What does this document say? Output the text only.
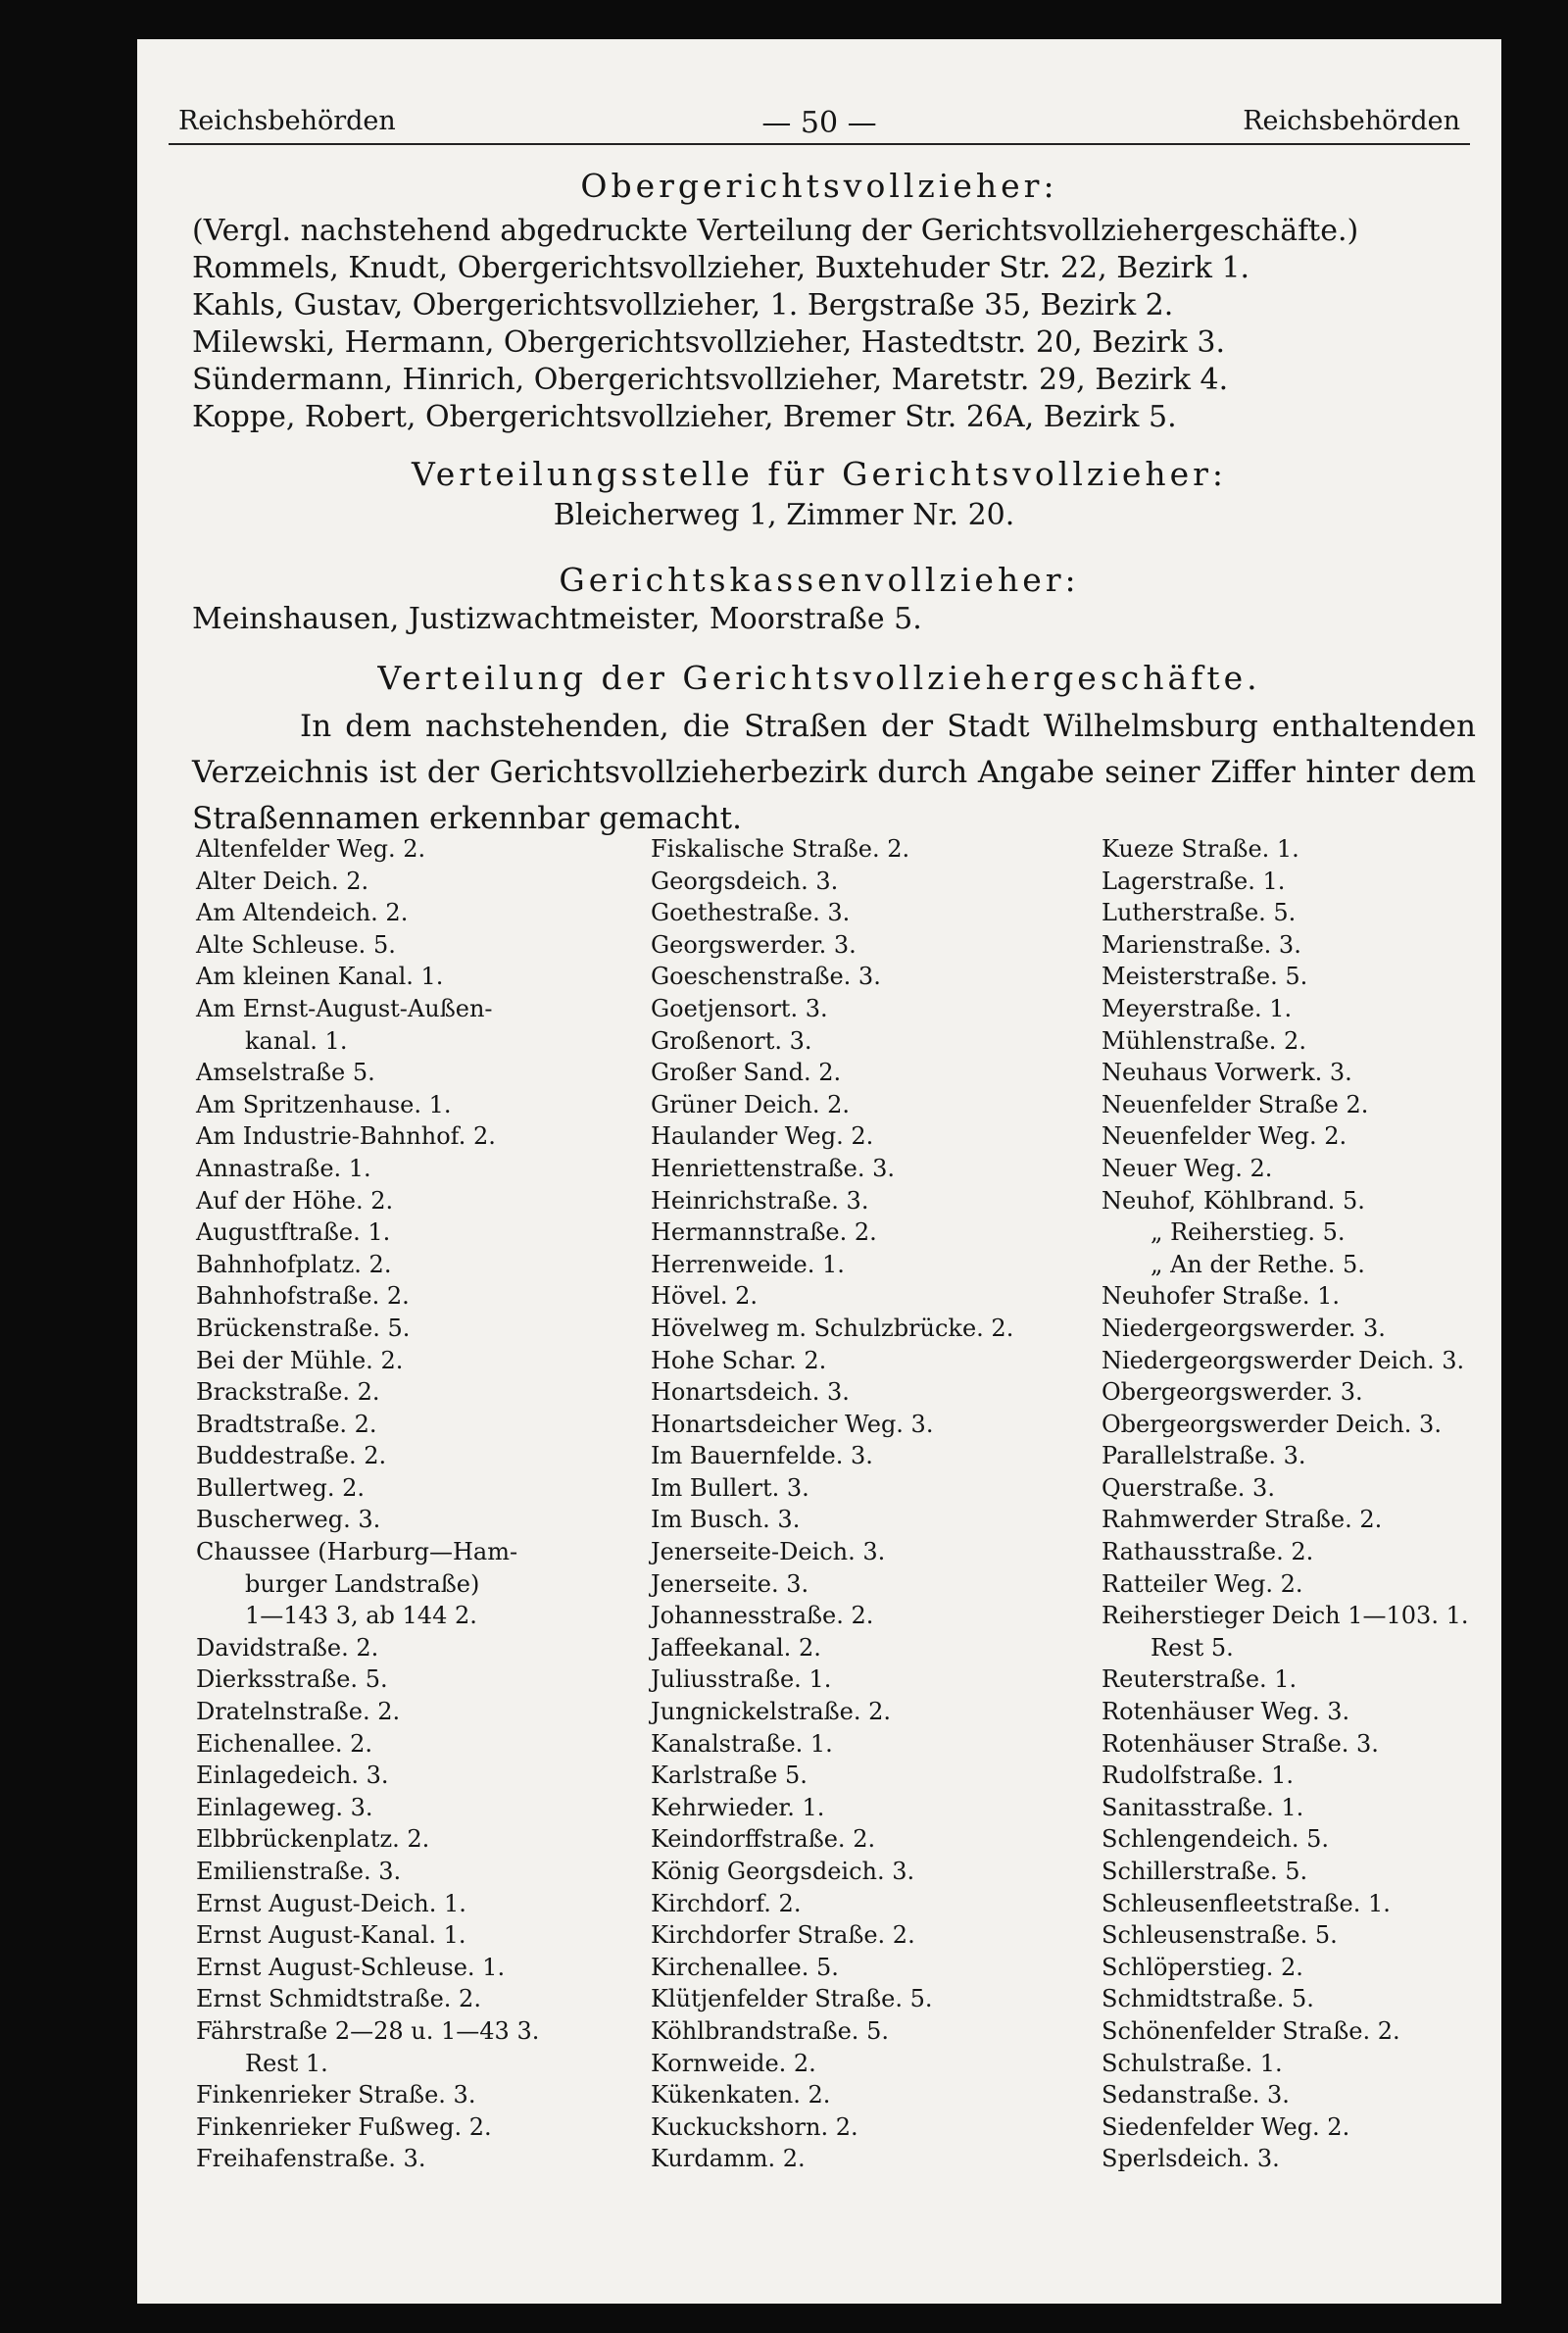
Reichsbehörden	— 50 —	Reichsbehörden
Obergerichtsvollzieher:

(Vergl. nachstehend abgedruckte Verteilung der Gerichtsvollziehergeschäfte.)

Rommels, Knudt, Obergerichtsvollzieher, Buxtehuder Str. 22, Bezirk 1.

Kahls, Gustav, Obergerichtsvollzieher, 1. Bergstraße 35, Bezirk 2.

Milewski, Hermann, Obergerichtsvollzieher, Hastedtstr. 20, Bezirk 3.

Sündermann, Hinrich, Obergerichtsvollzieher, Maretstr. 29, Bezirk 4.

Koppe, Robert, Obergerichtsvollzieher, Bremer Str. 26A, Bezirk 5.

Verteilungsstelle für Gerichtsvollzieher:

Bleicherweg 1, Zimmer Nr. 20.

Gerichtskassenvollzieher:

Meinshausen, Justizwachtmeister, Moorstraße 5.

Verteilung der Gerichtsvollziehergeschäfte.

In dem nachstehenden, die Straßen der Stadt Wilhelmsburg enthaltenden Verzeichnis ist der Gerichtsvollzieherbezirk durch Angabe seiner Ziffer hinter dem Straßennamen erkennbar gemacht.

Altenfelder Weg. 2.
Alter Deich. 2.
Am Altendeich. 2.
Alte Schleuse. 5.
Am kleinen Kanal. 1.
Am Ernst-August-Außen-
kanal. 1.
Amselstraße 5.
Am Spritzenhause. 1.
Am Industrie-Bahnhof. 2.
Annastraße. 1.
Auf der Höhe. 2.
Augustftraße. 1.
Bahnhofplatz. 2.
Bahnhofstraße. 2.
Brückenstraße. 5.
Bei der Mühle. 2.
Brackstraße. 2.
Bradtstraße. 2.
Buddestraße. 2.
Bullertweg. 2.
Buscherweg. 3.
Chaussee (Harburg—Ham-
burger Landstraße)
1—143 3, ab 144 2.
Davidstraße. 2.
Dierksstraße. 5.
Dratelnstraße. 2.
Eichenallee. 2.
Einlagedeich. 3.
Einlageweg. 3.
Elbbrückenplatz. 2.
Emilienstraße. 3.
Ernst August-Deich. 1.
Ernst August-Kanal. 1.
Ernst August-Schleuse. 1.
Ernst Schmidtstraße. 2.
Fährstraße 2—28 u. 1—43 3.
Rest 1.
Finkenrieker Straße. 3.
Finkenrieker Fußweg. 2.
Freihafenstraße. 3.
Fiskalische Straße. 2.
Georgsdeich. 3.
Goethestraße. 3.
Georgswerder. 3.
Goeschenstraße. 3.
Goetjensort. 3.
Großenort. 3.
Großer Sand. 2.
Grüner Deich. 2.
Haulander Weg. 2.
Henriettenstraße. 3.
Heinrichstraße. 3.
Hermannstraße. 2.
Herrenweide. 1.
Hövel. 2.
Hövelweg m. Schulzbrücke. 2.
Hohe Schar. 2.
Honartsdeich. 3.
Honartsdeicher Weg. 3.
Im Bauernfelde. 3.
Im Bullert. 3.
Im Busch. 3.
Jenerseite-Deich. 3.
Jenerseite. 3.
Johannesstraße. 2.
Jaffeekanal. 2.
Juliusstraße. 1.
Jungnickelstraße. 2.
Kanalstraße. 1.
Karlstraße 5.
Kehrwieder. 1.
Keindorffstraße. 2.
König Georgsdeich. 3.
Kirchdorf. 2.
Kirchdorfer Straße. 2.
Kirchenallee. 5.
Klütjenfelder Straße. 5.
Köhlbrandstraße. 5.
Kornweide. 2.
Kükenkaten. 2.
Kuckuckshorn. 2.
Kurdamm. 2.
Kueze Straße. 1.
Lagerstraße. 1.
Lutherstraße. 5.
Marienstraße. 3.
Meisterstraße. 5.
Meyerstraße. 1.
Mühlenstraße. 2.
Neuhaus Vorwerk. 3.
Neuenfelder Straße 2.
Neuenfelder Weg. 2.
Neuer Weg. 2.
Neuhof, Köhlbrand. 5.
„ Reiherstieg. 5.
„ An der Rethe. 5.
Neuhofer Straße. 1.
Niedergeorgswerder. 3.
Niedergeorgswerder Deich. 3.
Obergeorgswerder. 3.
Obergeorgswerder Deich. 3.
Parallelstraße. 3.
Querstraße. 3.
Rahmwerder Straße. 2.
Rathausstraße. 2.
Ratteiler Weg. 2.
Reiherstieger Deich 1—103. 1.
Rest 5.
Reuterstraße. 1.
Rotenhäuser Weg. 3.
Rotenhäuser Straße. 3.
Rudolfstraße. 1.
Sanitasstraße. 1.
Schlengendeich. 5.
Schillerstraße. 5.
Schleusenfleetstraße. 1.
Schleusenstraße. 5.
Schlöperstieg. 2.
Schmidtstraße. 5.
Schönenfelder Straße. 2.
Schulstraße. 1.
Sedanstraße. 3.
Siedenfelder Weg. 2.
Sperlsdeich. 3.
